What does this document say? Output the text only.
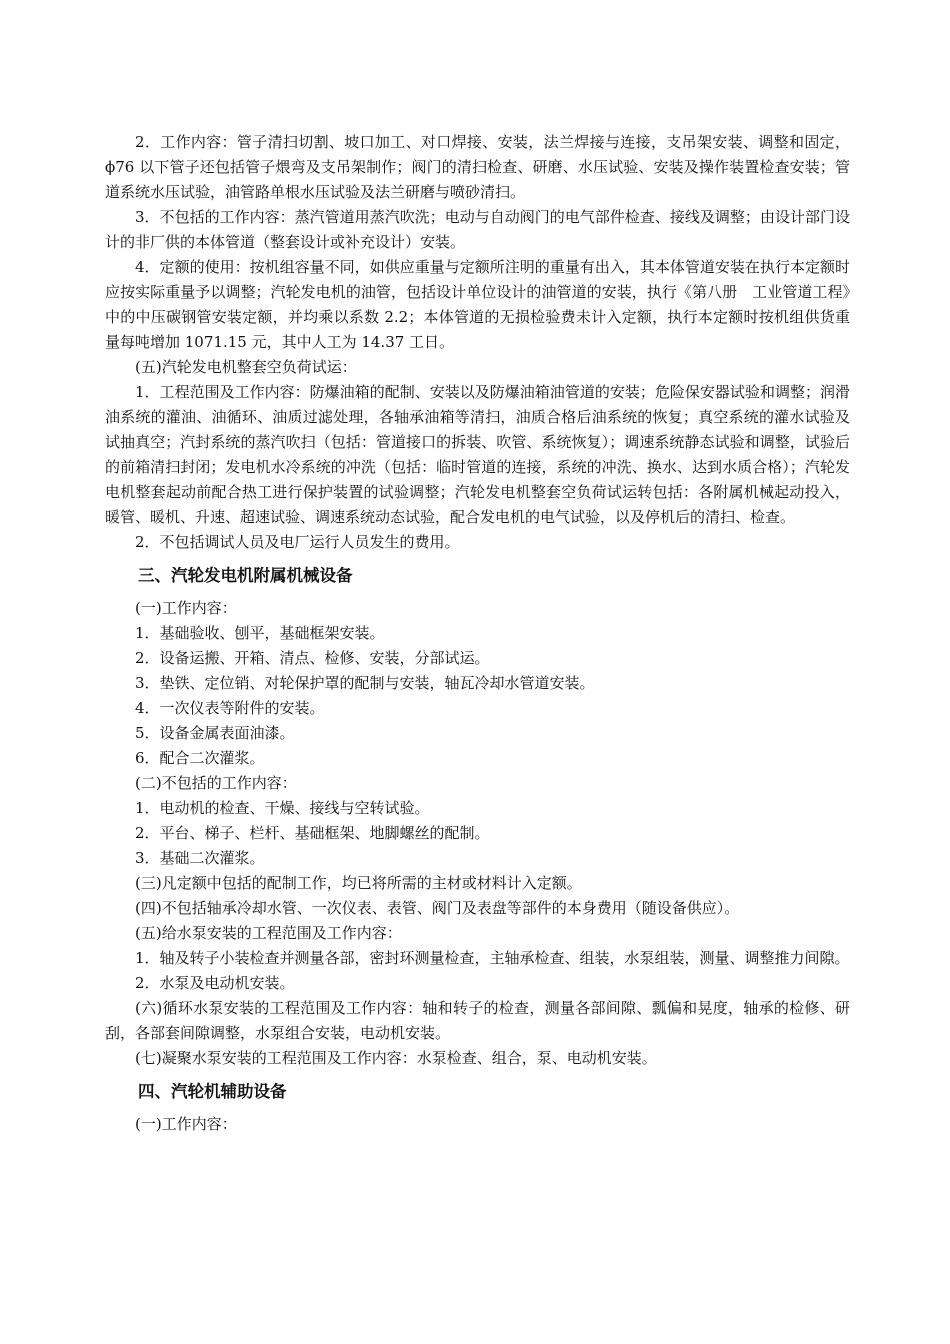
2．工作内容：管子清扫切割、坡口加工、对口焊接、安装，法兰焊接与连接，支吊架安装、调整和固定，ϕ76 以下管子还包括管子煨弯及支吊架制作；阀门的清扫检查、研磨、水压试验、安装及操作装置检查安装；管道系统水压试验，油管路单根水压试验及法兰研磨与喷砂清扫。
3．不包括的工作内容：蒸汽管道用蒸汽吹洗；电动与自动阀门的电气部件检查、接线及调整；由设计部门设计的非厂供的本体管道（整套设计或补充设计）安装。
4．定额的使用：按机组容量不同，如供应重量与定额所注明的重量有出入，其本体管道安装在执行本定额时应按实际重量予以调整；汽轮发电机的油管，包括设计单位设计的油管道的安装，执行《第八册　工业管道工程》中的中压碳钢管安装定额，并均乘以系数 2.2；本体管道的无损检验费未计入定额，执行本定额时按机组供货重量每吨增加 1071.15 元，其中人工为 14.37 工日。
(五)汽轮发电机整套空负荷试运：
1．工程范围及工作内容：防爆油箱的配制、安装以及防爆油箱油管道的安装；危险保安器试验和调整；润滑油系统的灌油、油循环、油质过滤处理，各轴承油箱等清扫，油质合格后油系统的恢复；真空系统的灌水试验及试抽真空；汽封系统的蒸汽吹扫（包括：管道接口的拆装、吹管、系统恢复）；调速系统静态试验和调整，试验后的前箱清扫封闭；发电机水冷系统的冲洗（包括：临时管道的连接，系统的冲洗、换水、达到水质合格）；汽轮发电机整套起动前配合热工进行保护装置的试验调整；汽轮发电机整套空负荷试运转包括：各附属机械起动投入，暖管、暖机、升速、超速试验、调速系统动态试验，配合发电机的电气试验，以及停机后的清扫、检查。
2．不包括调试人员及电厂运行人员发生的费用。
三、汽轮发电机附属机械设备
(一)工作内容：
1．基础验收、刨平，基础框架安装。
2．设备运搬、开箱、清点、检修、安装，分部试运。
3．垫铁、定位销、对轮保护罩的配制与安装，轴瓦冷却水管道安装。
4．一次仪表等附件的安装。
5．设备金属表面油漆。
6．配合二次灌浆。
(二)不包括的工作内容：
1．电动机的检查、干燥、接线与空转试验。
2．平台、梯子、栏杆、基础框架、地脚螺丝的配制。
3．基础二次灌浆。
(三)凡定额中包括的配制工作，均已将所需的主材或材料计入定额。
(四)不包括轴承冷却水管、一次仪表、表管、阀门及表盘等部件的本身费用（随设备供应）。
(五)给水泵安装的工程范围及工作内容：
1．轴及转子小装检查并测量各部，密封环测量检查，主轴承检查、组装，水泵组装，测量、调整推力间隙。
2．水泵及电动机安装。
(六)循环水泵安装的工程范围及工作内容：轴和转子的检查，测量各部间隙、瓢偏和晃度，轴承的检修、研刮，各部套间隙调整，水泵组合安装，电动机安装。
(七)凝聚水泵安装的工程范围及工作内容：水泵检查、组合，泵、电动机安装。
四、汽轮机辅助设备
(一)工作内容：
